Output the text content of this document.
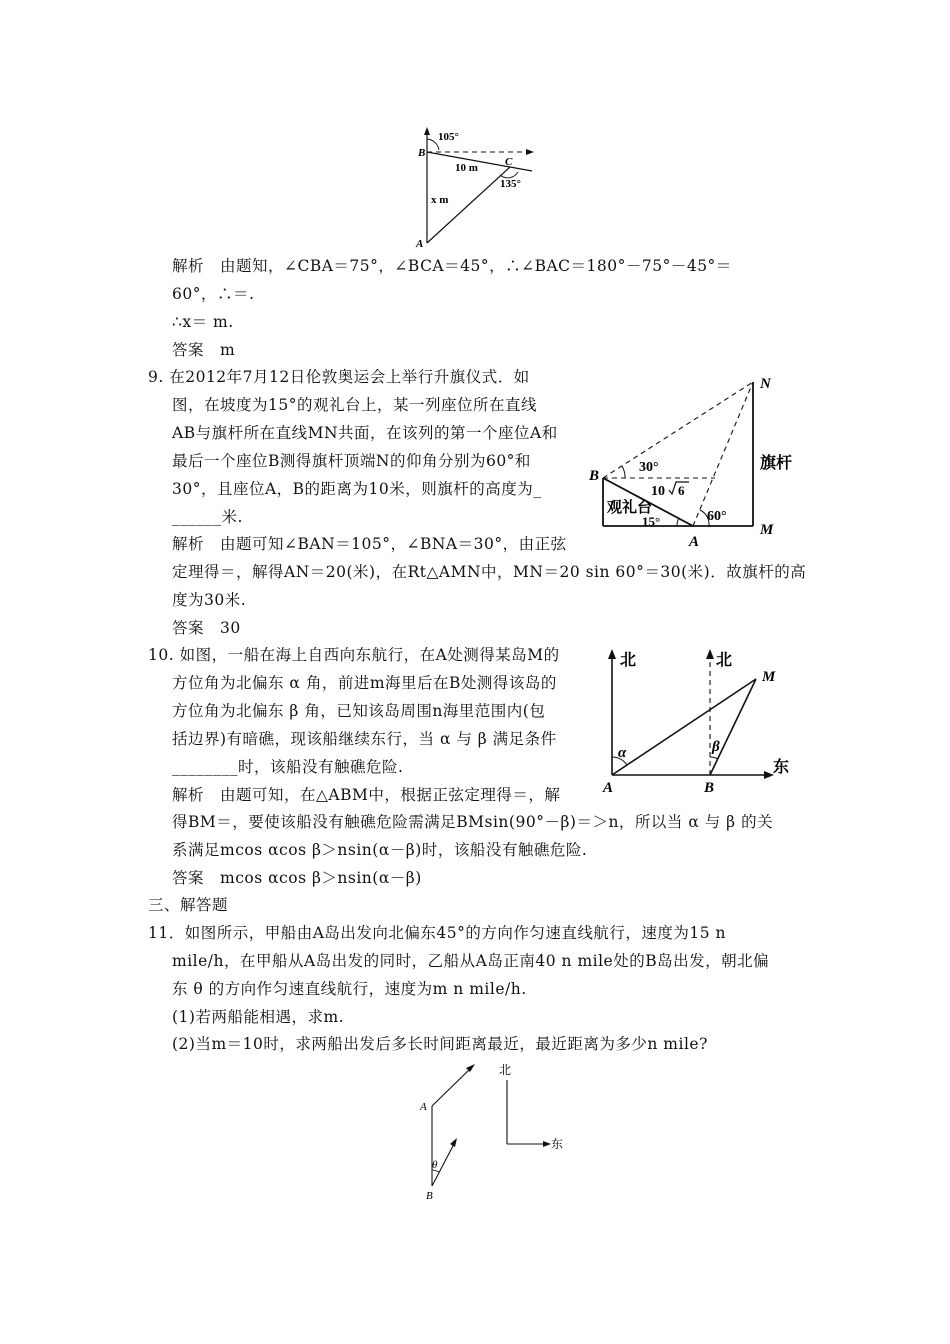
105°
B
C
10 m
135°
x m
A
解析　由题知，∠CBA＝75°，∠BCA＝45°，∴∠BAC＝180°－75°－45°＝
60°，∴＝.
∴x＝ m.
答案　m
9. 在2012年7月12日伦敦奥运会上举行升旗仪式．如
图，在坡度为15°的观礼台上，某一列座位所在直线
AB与旗杆所在直线MN共面，在该列的第一个座位A和
最后一个座位B测得旗杆顶端N的仰角分别为60°和
30°，且座位A，B的距离为10米，则旗杆的高度为_
______米.
解析　由题可知∠BAN＝105°，∠BNA＝30°，由正弦
定理得＝，解得AN＝20(米)，在Rt△AMN中，MN＝20 sin 60°＝30(米)．故旗杆的高
度为30米.
答案　30
N
B
30°	旗杆
10 6
观礼台
15°	60°
M
A
10. 如图，一船在海上自西向东航行，在A处测得某岛M的
方位角为北偏东 α 角，前进m海里后在B处测得该岛的
方位角为北偏东 β 角，已知该岛周围n海里范围内(包
括边界)有暗礁，现该船继续东行，当 α 与 β 满足条件
________时，该船没有触礁危险.
解析　由题可知，在△ABM中，根据正弦定理得＝，解
得BM＝，要使该船没有触礁危险需满足BMsin(90°－β)＝＞n，所以当 α 与 β 的关
系满足mcos αcos β＞nsin(α－β)时，该船没有触礁危险.
答案　mcos αcos β＞nsin(α－β)
北	北
M
α	β
东
A	B
三、解答题
11．如图所示，甲船由A岛出发向北偏东45°的方向作匀速直线航行，速度为15 n
mile/h，在甲船从A岛出发的同时，乙船从A岛正南40 n mile处的B岛出发，朝北偏
东 θ 的方向作匀速直线航行，速度为m n mile/h.
(1)若两船能相遇，求m.
(2)当m＝10时，求两船出发后多长时间距离最近，最近距离为多少n mile?
北
东
A
θ
B
